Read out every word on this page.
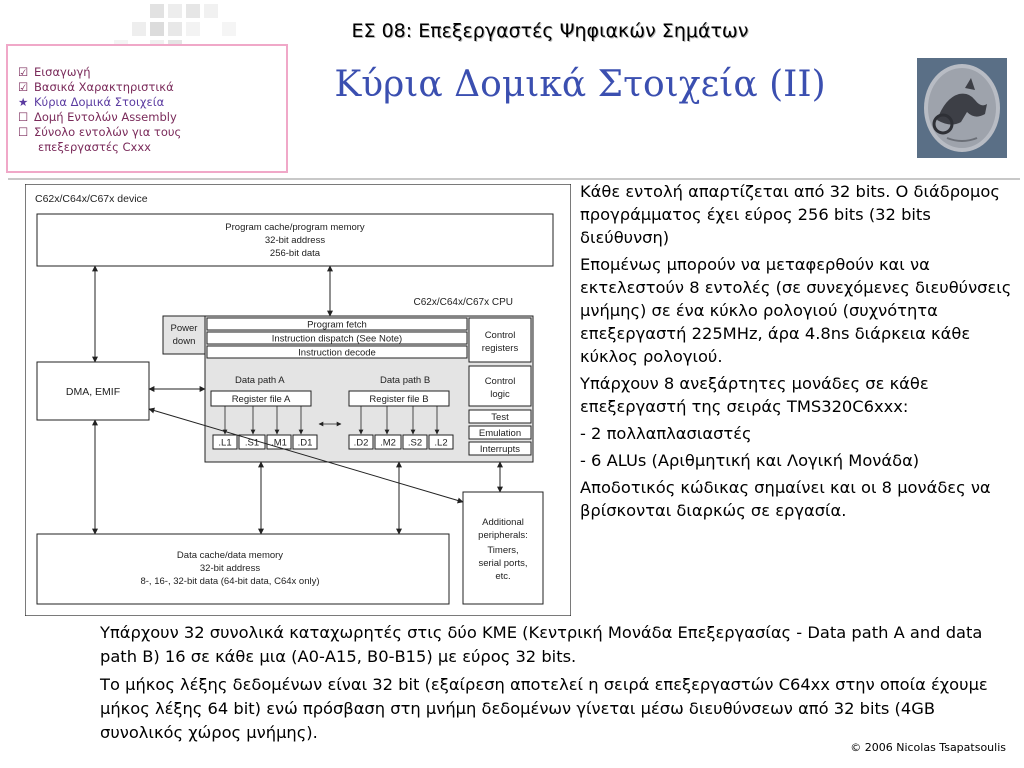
ΕΣ 08: Επεξεργαστές Ψηφιακών Σημάτων
☑ Εισαγωγή
☑ Βασικά Χαρακτηριστικά
★ Κύρια Δομικά Στοιχεία
☐ Δομή Εντολών Assembly
☐ Σύνολο εντολών για τους
επεξεργαστές Cxxx
Κύρια Δομικά Στοιχεία (ΙΙ)
C62x/C64x/C67x device
Program cache/program memory
32-bit address
256-bit data
C62x/C64x/C67x CPU
Power
down
Program fetch
Instruction dispatch (See Note)
Instruction decode
Control
registers
Control
logic
Test
Emulation
Interrupts
Data path A	Data path B
Register file A	Register file B
.L1 .S1 .M1 .D1	.D2 .M2 .S2 .L2
DMA, EMIF
Additional
peripherals:
Timers,
serial ports,
etc.
Data cache/data memory
32-bit address
8-, 16-, 32-bit data (64-bit data, C64x only)

Κάθε εντολή απαρτίζεται από 32 bits. Ο διάδρομος προγράμματος έχει εύρος 256 bits (32 bits διεύθυνση)

Επομένως μπορούν να μεταφερθούν και να εκτελεστούν 8 εντολές (σε συνεχόμενες διευθύνσεις μνήμης) σε ένα κύκλο ρολογιού (συχνότητα επεξεργαστή 225MHz, άρα 4.8ns διάρκεια κάθε κύκλος ρολογιού.

Υπάρχουν 8 ανεξάρτητες μονάδες σε κάθε επεξεργαστή της σειράς TMS320C6xxx:

- 2 πολλαπλασιαστές

- 6 ALUs (Αριθμητική και Λογική Μονάδα)

Αποδοτικός κώδικας σημαίνει και οι 8 μονάδες να βρίσκονται διαρκώς σε εργασία.

Υπάρχουν 32 συνολικά καταχωρητές στις δύο ΚΜΕ (Κεντρική Μονάδα Επεξεργασίας - Data path A and data path B) 16 σε κάθε μια (Α0-Α15, Β0-Β15) με εύρος 32 bits.

Το μήκος λέξης δεδομένων είναι 32 bit (εξαίρεση αποτελεί η σειρά επεξεργαστών C64xx στην οποία έχουμε μήκος λέξης 64 bit) ενώ πρόσβαση στη μνήμη δεδομένων γίνεται μέσω διευθύνσεων από 32 bits (4GB συνολικός χώρος μνήμης).

© 2006 Nicolas Tsapatsoulis
